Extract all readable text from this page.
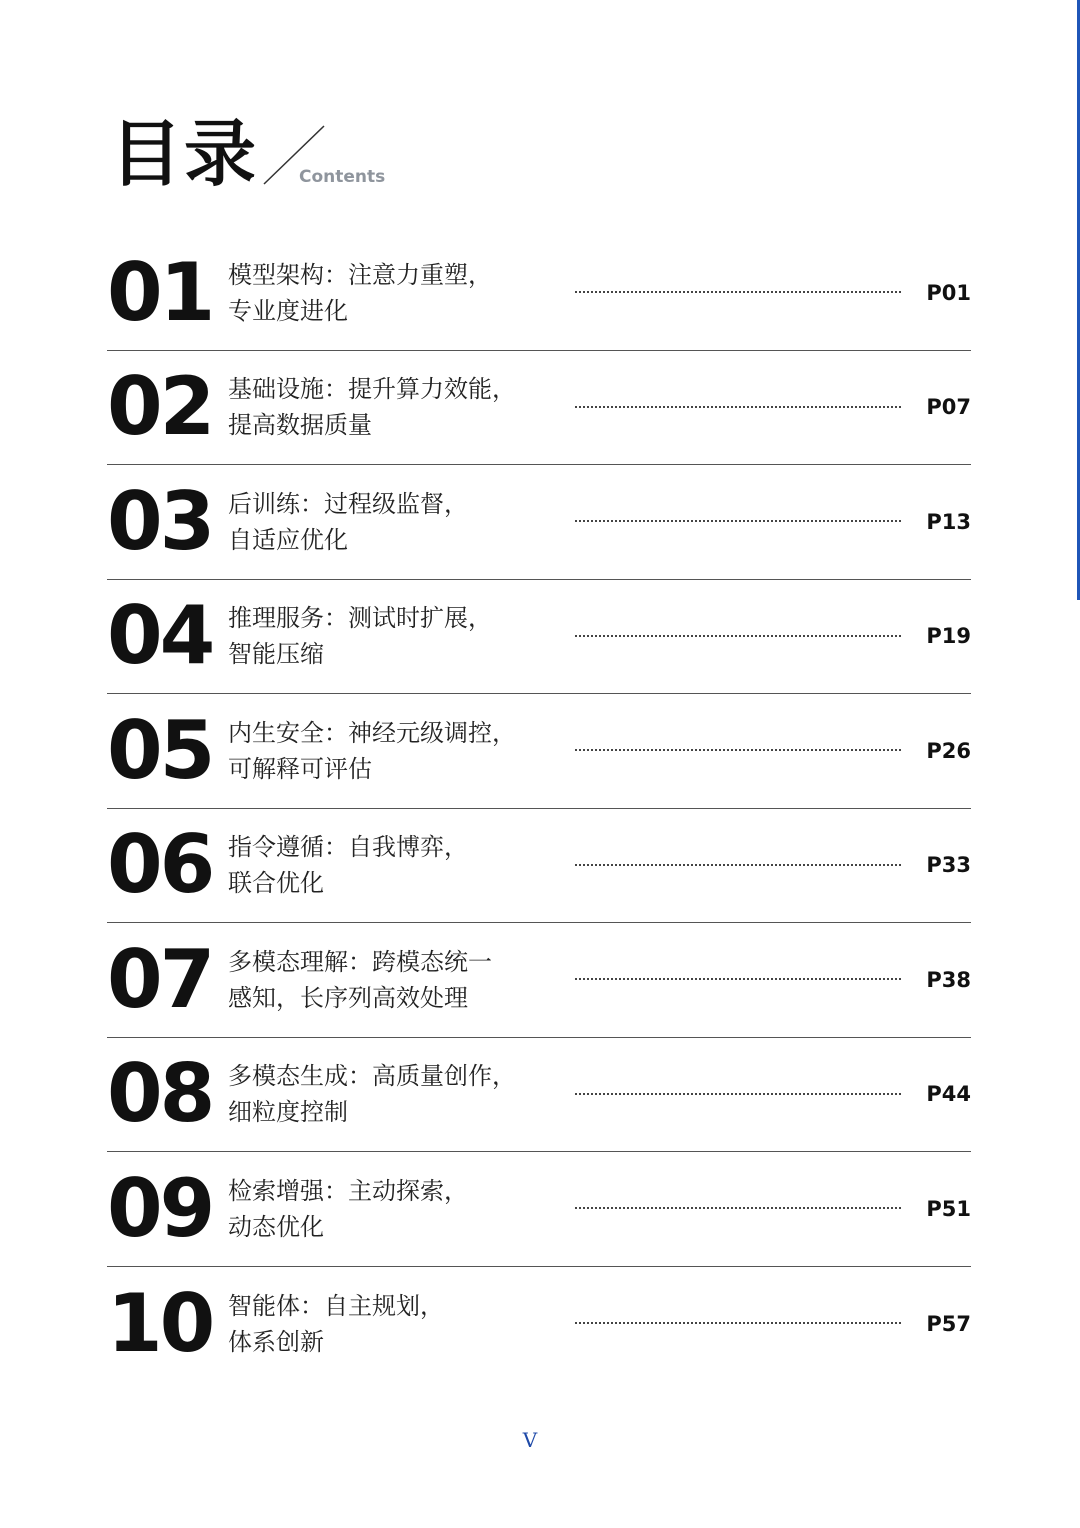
目录 Contents
01 模型架构：注意力重塑，
专业度进化
P01
02 基础设施：提升算力效能，
提高数据质量
P07
03 后训练：过程级监督，
自适应优化
P13
04 推理服务：测试时扩展，
智能压缩
P19
05 内生安全：神经元级调控，
可解释可评估
P26
06 指令遵循：自我博弈，
联合优化
P33
07 多模态理解：跨模态统一
感知，长序列高效处理
P38
08 多模态生成：高质量创作，
细粒度控制
P44
09 检索增强：主动探索，
动态优化
P51
10 智能体：自主规划，
体系创新
P57
V
